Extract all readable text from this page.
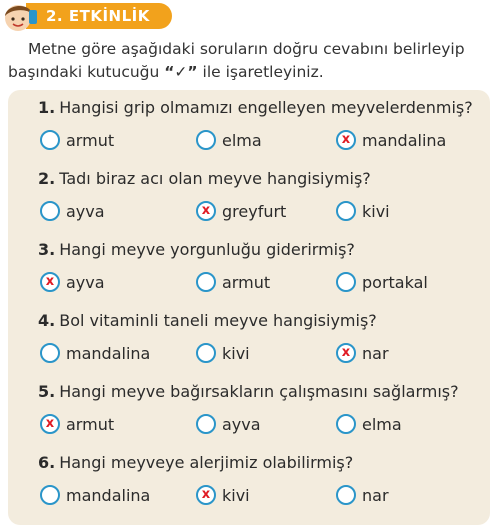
2. ETKİNLİK
Metne göre aşağıdaki soruların doğru cevabını belirleyip başındaki kutucuğu “✓” ile işaretleyiniz.
1. Hangisi grip olmamızı engelleyen meyvelerdenmiş?
armut	elma	x mandalina
2. Tadı biraz acı olan meyve hangisiymiş?
ayva	x greyfurt	kivi
3. Hangi meyve yorgunluğu giderirmiş?
x ayva	armut	portakal
4. Bol vitaminli taneli meyve hangisiymiş?
mandalina	kivi	x nar
5. Hangi meyve bağırsakların çalışmasını sağlarmış?
x armut	ayva	elma
6. Hangi meyveye alerjimiz olabilirmiş?
mandalina	x kivi	nar
